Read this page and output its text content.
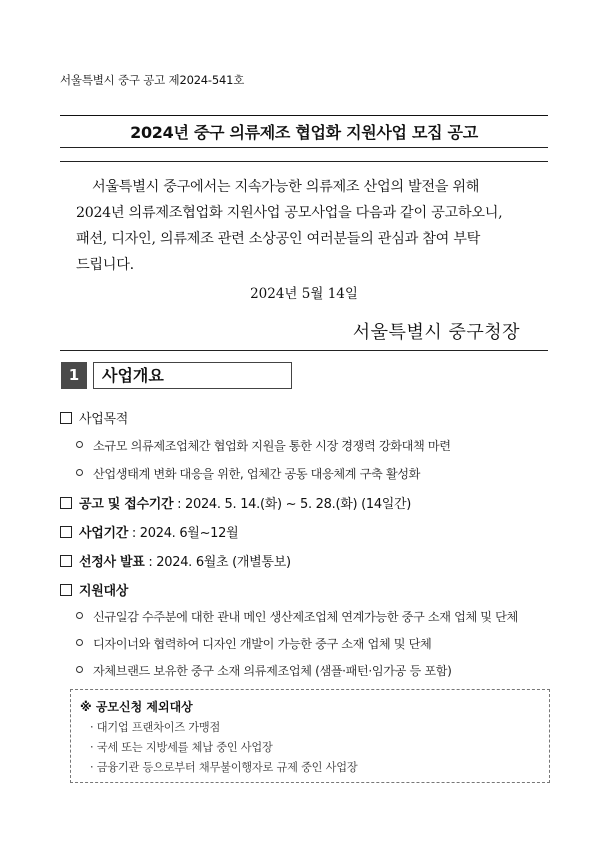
서울특별시 중구 공고 제2024-541호
2024년 중구 의류제조 협업화 지원사업 모집 공고
서울특별시 중구에서는 지속가능한 의류제조 산업의 발전을 위해
2024년 의류제조협업화 지원사업 공모사업을 다음과 같이 공고하오니,
패션, 디자인, 의류제조 관련 소상공인 여러분들의 관심과 참여 부탁
드립니다.
2024년 5월 14일
서울특별시 중구청장
1	사업개요
사업목적
소규모 의류제조업체간 협업화 지원을 통한 시장 경쟁력 강화대책 마련
산업생태계 변화 대응을 위한, 업체간 공동 대응체계 구축 활성화
공고 및 접수기간 : 2024. 5. 14.(화) ~ 5. 28.(화) (14일간)
사업기간 : 2024. 6월~12월
선정사 발표 : 2024. 6월초 (개별통보)
지원대상
신규일감 수주분에 대한 관내 메인 생산제조업체 연계가능한 중구 소재 업체 및 단체
디자이너와 협력하여 디자인 개발이 가능한 중구 소재 업체 및 단체
자체브랜드 보유한 중구 소재 의류제조업체 (샘플·패턴·임가공 등 포함)
※ 공모신청 제외대상
· 대기업 프랜차이즈 가맹점
· 국세 또는 지방세를 체납 중인 사업장
· 금융기관 등으로부터 채무불이행자로 규제 중인 사업장
